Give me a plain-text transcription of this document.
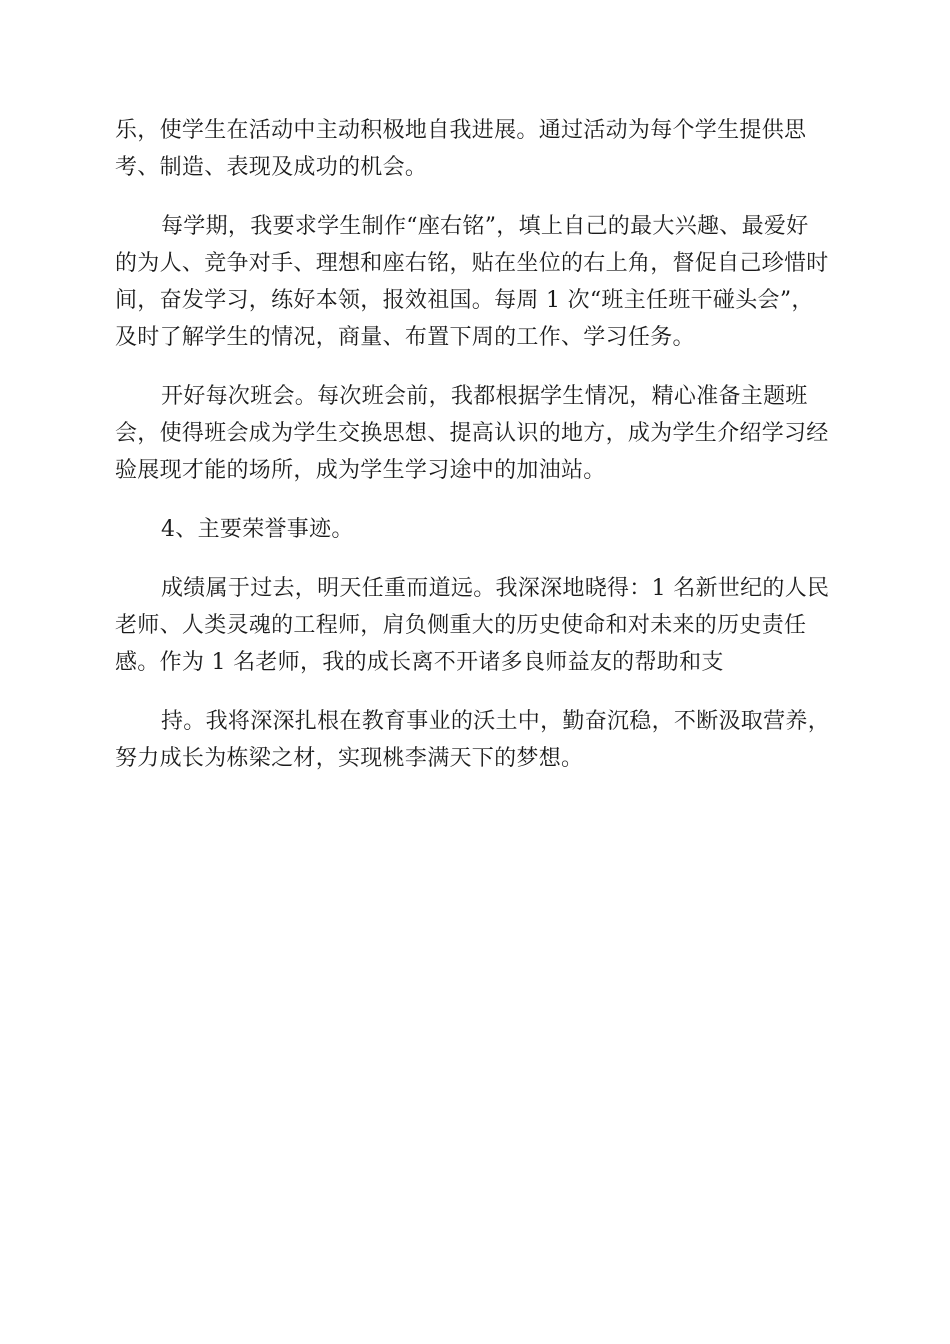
乐，使学生在活动中主动积极地自我进展。通过活动为每个学生提供思
考、制造、表现及成功的机会。

每学期，我要求学生制作“座右铭”，填上自己的最大兴趣、最爱好
的为人、竞争对手、理想和座右铭，贴在坐位的右上角，督促自己珍惜时
间，奋发学习，练好本领，报效祖国。每周 1 次“班主任班干碰头会”，
及时了解学生的情况，商量、布置下周的工作、学习任务。

开好每次班会。每次班会前，我都根据学生情况，精心准备主题班
会，使得班会成为学生交换思想、提高认识的地方，成为学生介绍学习经
验展现才能的场所，成为学生学习途中的加油站。

4、主要荣誉事迹。

成绩属于过去，明天任重而道远。我深深地晓得：1 名新世纪的人民
老师、人类灵魂的工程师，肩负侧重大的历史使命和对未来的历史责任
感。作为 1 名老师，我的成长离不开诸多良师益友的帮助和支

持。我将深深扎根在教育事业的沃土中，勤奋沉稳，不断汲取营养，
努力成长为栋梁之材，实现桃李满天下的梦想。
